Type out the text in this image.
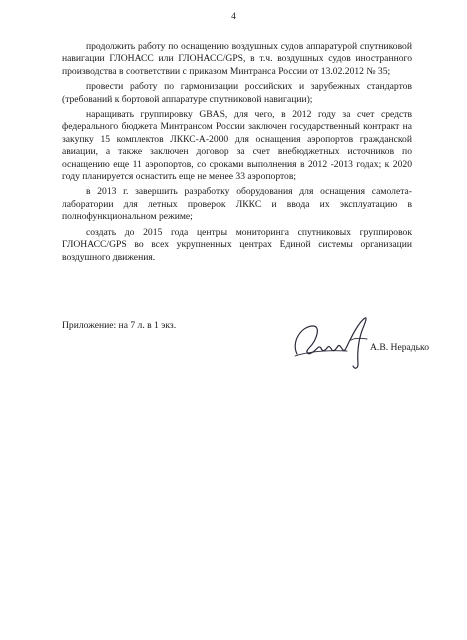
4

продолжить работу по оснащению воздушных судов аппаратурой спутниковой навигации ГЛОНАСС или ГЛОНАСС/GPS, в т.ч. воздушных судов иностранного производства в соответствии с приказом Минтранса России от 13.02.2012 № 35;

провести работу по гармонизации российских и зарубежных стандартов (требований к бортовой аппаратуре спутниковой навигации);

наращивать группировку GBAS, для чего, в 2012 году за счет средств федерального бюджета Минтрансом России заключен государственный контракт на закупку 15 комплектов ЛККС-А-2000 для оснащения аэропортов гражданской авиации, а также заключен договор за счет внебюджетных источников по оснащению еще 11 аэропортов, со сроками выполнения в 2012 -2013 годах; к 2020 году планируется оснастить еще не менее 33 аэропортов;

в 2013 г. завершить разработку оборудования для оснащения самолета-лаборатории для летных проверок ЛККС и ввода их эксплуатацию в полнофункциональном режиме;

создать до 2015 года центры мониторинга спутниковых группировок ГЛОНАСС/GPS во всех укрупненных центрах Единой системы организации воздушного движения.

Приложение: на 7 л. в 1 экз.
А.В. Нерадько
